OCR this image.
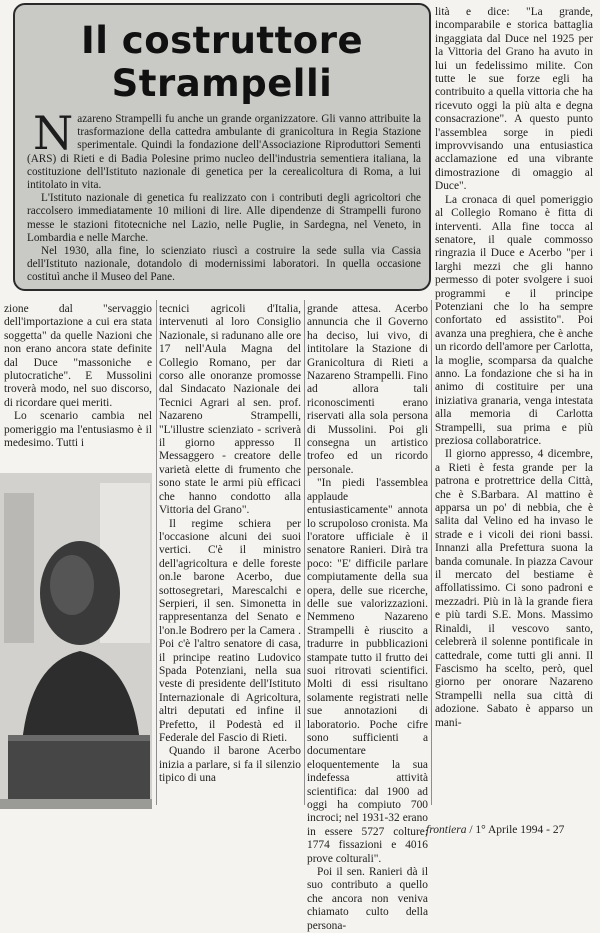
Il costruttore
Strampelli

Nazareno Strampelli fu anche un grande organizzatore. Gli vanno attribuite la trasformazione della cattedra ambulante di granicoltura in Regia Stazione sperimentale. Quindi la fondazione dell'Associazione Riproduttori Sementi (ARS) di Rieti e di Badia Polesine primo nucleo dell'industria sementiera italiana, la costituzione dell'Istituto nazionale di genetica per la cerealicoltura di Roma, a lui intitolato in vita.

L'Istituto nazionale di genetica fu realizzato con i contributi degli agricoltori che raccolsero immediatamente 10 milioni di lire. Alle dipendenze di Strampelli furono messe le stazioni fitotecniche nel Lazio, nelle Puglie, in Sardegna, nel Veneto, in Lombardia e nelle Marche.

Nel 1930, alla fine, lo scienziato riuscì a costruire la sede sulla via Cassia dell'Istituto nazionale, dotandolo di modernissimi laboratori. In quella occasione costituì anche il Museo del Pane.

zione dal "servaggio dell'importazione a cui era stata soggetta" da quelle Nazioni che non erano ancora state definite dal Duce "massoniche e plutocratiche". E Mussolini troverà modo, nel suo discorso, di ricordare quei meriti.

Lo scenario cambia nel pomeriggio ma l'entusiasmo è il medesimo. Tutti i

tecnici agricoli d'Italia, intervenuti al loro Consiglio Nazionale, si radunano alle ore 17 nell'Aula Magna del Collegio Romano, per dar corso alle onoranze promosse dal Sindacato Nazionale dei Tecnici Agrari al sen. prof. Nazareno Strampelli, "L'illustre scienziato - scriverà il giorno appresso Il Messaggero - creatore delle varietà elette di frumento che sono state le armi più efficaci che hanno condotto alla Vittoria del Grano".

Il regime schiera per l'occasione alcuni dei suoi vertici. C'è il ministro dell'agricoltura e delle foreste on.le barone Acerbo, due sottosegretari, Marescalchi e Serpieri, il sen. Simonetta in rappresentanza del Senato e l'on.le Bodrero per la Camera . Poi c'è l'altro senatore di casa, il principe reatino Ludovico Spada Potenziani, nella sua veste di presidente dell'Istituto Internazionale di Agricoltura, altri deputati ed infine il Prefetto, il Podestà ed il Federale del Fascio di Rieti.

Quando il barone Acerbo inizia a parlare, si fa il silenzio tipico di una

grande attesa. Acerbo annuncia che il Governo ha deciso, lui vivo, di intitolare la Stazione di Granicoltura di Rieti a Nazareno Strampelli. Fino ad allora tali riconoscimenti erano riservati alla sola persona di Mussolini. Poi gli consegna un artistico trofeo ed un ricordo personale.

"In piedi l'assemblea applaude entusiasticamente" annota lo scrupoloso cronista. Ma l'oratore ufficiale è il senatore Ranieri. Dirà tra poco: "E' difficile parlare compiutamente della sua opera, delle sue ricerche, delle sue valorizzazioni. Nemmeno Nazareno Strampelli è riuscito a tradurre in pubblicazioni stampate tutto il frutto dei suoi ritrovati scientifici. Molti di essi risultano solamente registrati nelle sue annotazioni di laboratorio. Poche cifre sono sufficienti a documentare eloquentemente la sua indefessa attività scientifica: dal 1900 ad oggi ha compiuto 700 incroci; nel 1931-32 erano in essere 5727 colture; 1774 fissazioni e 4016 prove colturali".

Poi il sen. Ranieri dà il suo contributo a quello che ancora non veniva chiamato culto della persona-

lità e dice: "La grande, incomparabile e storica battaglia ingaggiata dal Duce nel 1925 per la Vittoria del Grano ha avuto in lui un fedelissimo milite. Con tutte le sue forze egli ha contribuito a quella vittoria che ha ricevuto oggi la più alta e degna consacrazione". A questo punto l'assemblea sorge in piedi improvvisando una entusiastica acclamazione ed una vibrante dimostrazione di omaggio al Duce".

La cronaca di quel pomeriggio al Collegio Romano è fitta di interventi. Alla fine tocca al senatore, il quale commosso ringrazia il Duce e Acerbo "per i larghi mezzi che gli hanno permesso di poter svolgere i suoi programmi e il principe Potenziani che lo ha sempre confortato ed assistito". Poi avanza una preghiera, che è anche un ricordo dell'amore per Carlotta, la moglie, scomparsa da qualche anno. La fondazione che si ha in animo di costituire per una iniziativa granaria, venga intestata alla memoria di Carlotta Strampelli, sua prima e più preziosa collaboratrice.

Il giorno appresso, 4 dicembre, a Rieti è festa grande per la patrona e protrettrice della Città, che è S.Barbara. Al mattino è apparsa un po' di nebbia, che è salita dal Velino ed ha invaso le strade e i vicoli dei rioni bassi. Innanzi alla Prefettura suona la banda comunale. In piazza Cavour il mercato del bestiame è affollatissimo. Ci sono padroni e mezzadri. Più in là la grande fiera e più tardi S.E. Mons. Massimo Rinaldi, il vescovo santo, celebrerà il solenne pontificale in cattedrale, come tutti gli anni. Il Fascismo ha scelto, però, quel giorno per onorare Nazareno Strampelli nella sua città di adozione. Sabato è apparso un mani-

frontiera / 1° Aprile 1994 - 27
